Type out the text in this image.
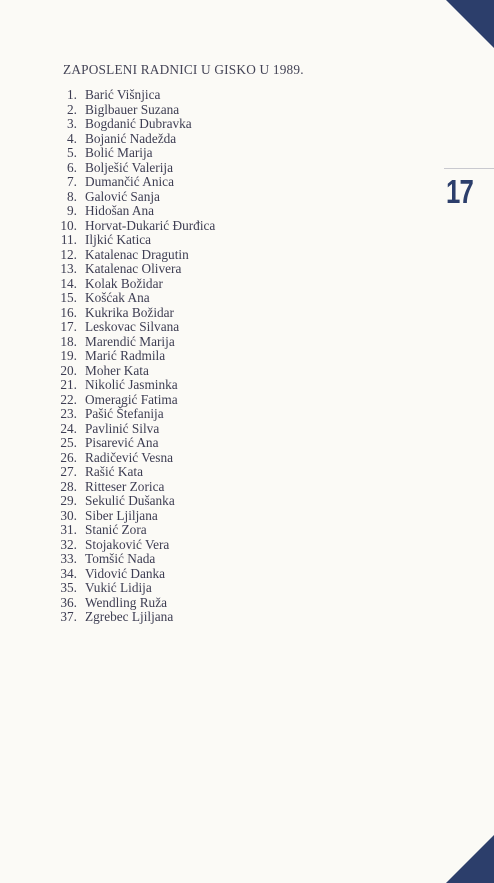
17
ZAPOSLENI RADNICI U GISKO U 1989.
1. Barić Višnjica
2. Biglbauer Suzana
3. Bogdanić Dubravka
4. Bojanić Nadežda
5. Bolić Marija
6. Bolješić Valerija
7. Dumančić Anica
8. Galović Sanja
9. Hidošan Ana
10. Horvat-Dukarić Đurđica
11. Iljkić Katica
12. Katalenac Dragutin
13. Katalenac Olivera
14. Kolak Božidar
15. Košćak Ana
16. Kukrika Božidar
17. Leskovac Silvana
18. Marendić Marija
19. Marić Radmila
20. Moher Kata
21. Nikolić Jasminka
22. Omeragić Fatima
23. Pašić Štefanija
24. Pavlinić Silva
25. Pisarević Ana
26. Radičević Vesna
27. Rašić Kata
28. Ritteser Zorica
29. Sekulić Dušanka
30. Siber Ljiljana
31. Stanić Zora
32. Stojaković Vera
33. Tomšić Nada
34. Vidović Danka
35. Vukić Lidija
36. Wendling Ruža
37. Zgrebec Ljiljana
